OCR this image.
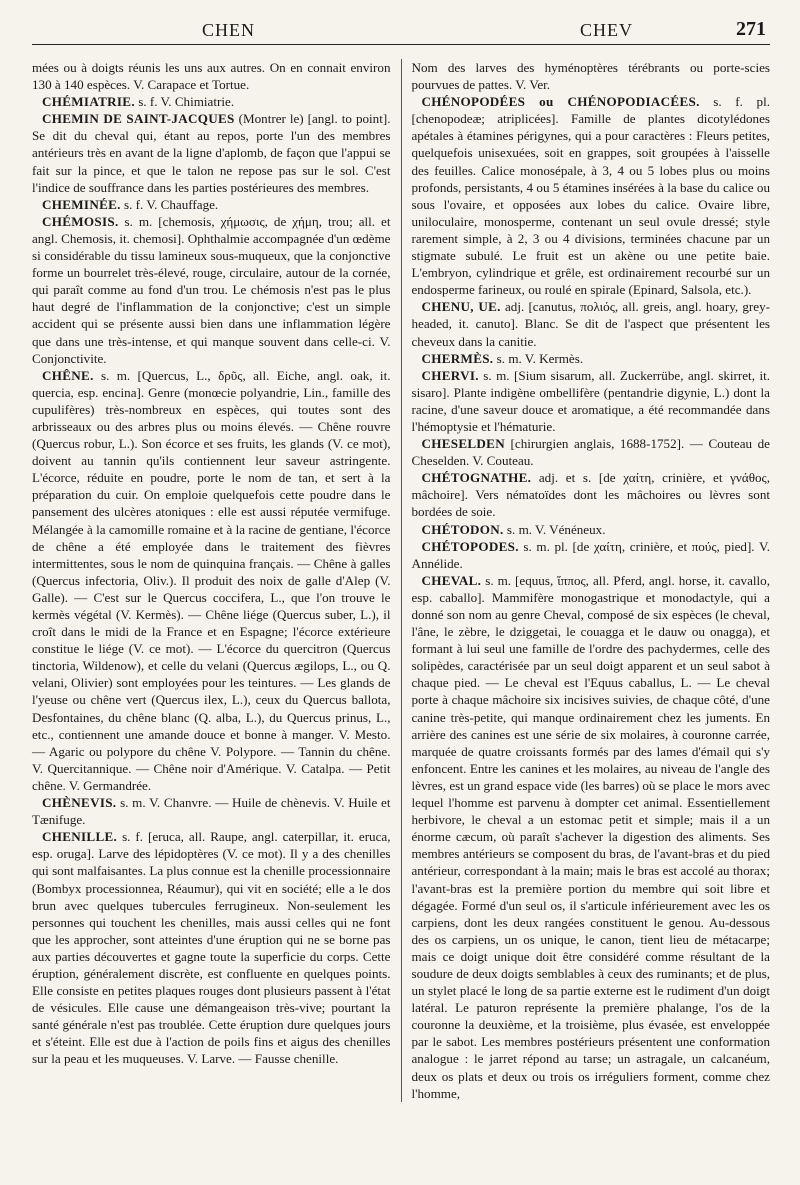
CHEN	CHEV	271

mées ou à doigts réunis les uns aux autres. On en connait environ 130 à 140 espèces. V. Carapace et Tortue.

CHÉMIATRIE. s. f. V. Chimiatrie.

CHEMIN DE SAINT-JACQUES (Montrer le) [angl. to point]. Se dit du cheval qui, étant au repos, porte l'un des membres antérieurs très en avant de la ligne d'aplomb, de façon que l'appui se fait sur la pince, et que le talon ne repose pas sur le sol. C'est l'indice de souffrance dans les parties postérieures des membres.

CHEMINÉE. s. f. V. Chauffage.

CHÉMOSIS. s. m. [chemosis, χήμωσις, de χήμη, trou; all. et angl. Chemosis, it. chemosi]. Ophthalmie accompagnée d'un œdème si considérable du tissu lamineux sous-muqueux, que la conjonctive forme un bourrelet très-élevé, rouge, circulaire, autour de la cornée, qui paraît comme au fond d'un trou. Le chémosis n'est pas le plus haut degré de l'inflammation de la conjonctive; c'est un simple accident qui se présente aussi bien dans une inflammation légère que dans une très-intense, et qui manque souvent dans celle-ci. V. Conjonctivite.

CHÊNE. s. m. [Quercus, L., δρῦς, all. Eiche, angl. oak, it. quercia, esp. encina]. Genre (monœcie polyandrie, Lin., famille des cupulifères) très-nombreux en espèces, qui toutes sont des arbrisseaux ou des arbres plus ou moins élevés. — Chêne rouvre (Quercus robur, L.). Son écorce et ses fruits, les glands (V. ce mot), doivent au tannin qu'ils contiennent leur saveur astringente. L'écorce, réduite en poudre, porte le nom de tan, et sert à la préparation du cuir. On emploie quelquefois cette poudre dans le pansement des ulcères atoniques : elle est aussi réputée vermifuge. Mélangée à la camomille romaine et à la racine de gentiane, l'écorce de chêne a été employée dans le traitement des fièvres intermittentes, sous le nom de quinquina français. — Chêne à galles (Quercus infectoria, Oliv.). Il produit des noix de galle d'Alep (V. Galle). — C'est sur le Quercus coccifera, L., que l'on trouve le kermès végétal (V. Kermès). — Chêne liége (Quercus suber, L.), il croît dans le midi de la France et en Espagne; l'écorce extérieure constitue le liége (V. ce mot). — L'écorce du quercitron (Quercus tinctoria, Wildenow), et celle du velani (Quercus ægilops, L., ou Q. velani, Olivier) sont employées pour les teintures. — Les glands de l'yeuse ou chêne vert (Quercus ilex, L.), ceux du Quercus ballota, Desfontaines, du chêne blanc (Q. alba, L.), du Quercus prinus, L., etc., contiennent une amande douce et bonne à manger. V. Mesto. — Agaric ou polypore du chêne V. Polypore. — Tannin du chêne. V. Quercitannique. — Chêne noir d'Amérique. V. Catalpa. — Petit chêne. V. Germandrée.

CHÈNEVIS. s. m. V. Chanvre. — Huile de chènevis. V. Huile et Tænifuge.

CHENILLE. s. f. [eruca, all. Raupe, angl. caterpillar, it. eruca, esp. oruga]. Larve des lépidoptères (V. ce mot). Il y a des chenilles qui sont malfaisantes. La plus connue est la chenille processionnaire (Bombyx processionnea, Réaumur), qui vit en société; elle a le dos brun avec quelques tubercules ferrugineux. Non-seulement les personnes qui touchent les chenilles, mais aussi celles qui ne font que les approcher, sont atteintes d'une éruption qui ne se borne pas aux parties découvertes et gagne toute la superficie du corps. Cette éruption, généralement discrète, est confluente en quelques points. Elle consiste en petites plaques rouges dont plusieurs passent à l'état de vésicules. Elle cause une démangeaison très-vive; pourtant la santé générale n'est pas troublée. Cette éruption dure quelques jours et s'éteint. Elle est due à l'action de poils fins et aigus des chenilles sur la peau et les muqueuses. V. Larve. — Fausse chenille.

Nom des larves des hyménoptères térébrants ou porte-scies pourvues de pattes. V. Ver.

CHÉNOPODÉES ou CHÉNOPODIACÉES. s. f. pl. [chenopodeæ; atriplicées]. Famille de plantes dicotylédones apétales à étamines périgynes, qui a pour caractères : Fleurs petites, quelquefois unisexuées, soit en grappes, soit groupées à l'aisselle des feuilles. Calice monosépale, à 3, 4 ou 5 lobes plus ou moins profonds, persistants, 4 ou 5 étamines insérées à la base du calice ou sous l'ovaire, et opposées aux lobes du calice. Ovaire libre, uniloculaire, monosperme, contenant un seul ovule dressé; style rarement simple, à 2, 3 ou 4 divisions, terminées chacune par un stigmate subulé. Le fruit est un akène ou une petite baie. L'embryon, cylindrique et grêle, est ordinairement recourbé sur un endosperme farineux, ou roulé en spirale (Epinard, Salsola, etc.).

CHENU, UE. adj. [canutus, πολιός, all. greis, angl. hoary, grey-headed, it. canuto]. Blanc. Se dit de l'aspect que présentent les cheveux dans la canitie.

CHERMÈS. s. m. V. Kermès.

CHERVI. s. m. [Sium sisarum, all. Zuckerrübe, angl. skirret, it. sisaro]. Plante indigène ombellifère (pentandrie digynie, L.) dont la racine, d'une saveur douce et aromatique, a été recommandée dans l'hémoptysie et l'hématurie.

CHESELDEN [chirurgien anglais, 1688-1752]. — Couteau de Cheselden. V. Couteau.

CHÉTOGNATHE. adj. et s. [de χαίτη, crinière, et γνάθος, mâchoire]. Vers nématoïdes dont les mâchoires ou lèvres sont bordées de soie.

CHÉTODON. s. m. V. Vénéneux.

CHÉTOPODES. s. m. pl. [de χαίτη, crinière, et πούς, pied]. V. Annélide.

CHEVAL. s. m. [equus, ἵππος, all. Pferd, angl. horse, it. cavallo, esp. caballo]. Mammifère monogastrique et monodactyle, qui a donné son nom au genre Cheval, composé de six espèces (le cheval, l'âne, le zèbre, le dziggetai, le couagga et le dauw ou onagga), et formant à lui seul une famille de l'ordre des pachydermes, celle des solipèdes, caractérisée par un seul doigt apparent et un seul sabot à chaque pied. — Le cheval est l'Equus caballus, L. — Le cheval porte à chaque mâchoire six incisives suivies, de chaque côté, d'une canine très-petite, qui manque ordinairement chez les juments. En arrière des canines est une série de six molaires, à couronne carrée, marquée de quatre croissants formés par des lames d'émail qui s'y enfoncent. Entre les canines et les molaires, au niveau de l'angle des lèvres, est un grand espace vide (les barres) où se place le mors avec lequel l'homme est parvenu à dompter cet animal. Essentiellement herbivore, le cheval a un estomac petit et simple; mais il a un énorme cæcum, où paraît s'achever la digestion des aliments. Ses membres antérieurs se composent du bras, de l'avant-bras et du pied antérieur, correspondant à la main; mais le bras est accolé au thorax; l'avant-bras est la première portion du membre qui soit libre et dégagée. Formé d'un seul os, il s'articule inférieurement avec les os carpiens, dont les deux rangées constituent le genou. Au-dessous des os carpiens, un os unique, le canon, tient lieu de métacarpe; mais ce doigt unique doit être considéré comme résultant de la soudure de deux doigts semblables à ceux des ruminants; et de plus, un stylet placé le long de sa partie externe est le rudiment d'un doigt latéral. Le paturon représente la première phalange, l'os de la couronne la deuxième, et la troisième, plus évasée, est enveloppée par le sabot. Les membres postérieurs présentent une conformation analogue : le jarret répond au tarse; un astragale, un calcanéum, deux os plats et deux ou trois os irréguliers forment, comme chez l'homme,
